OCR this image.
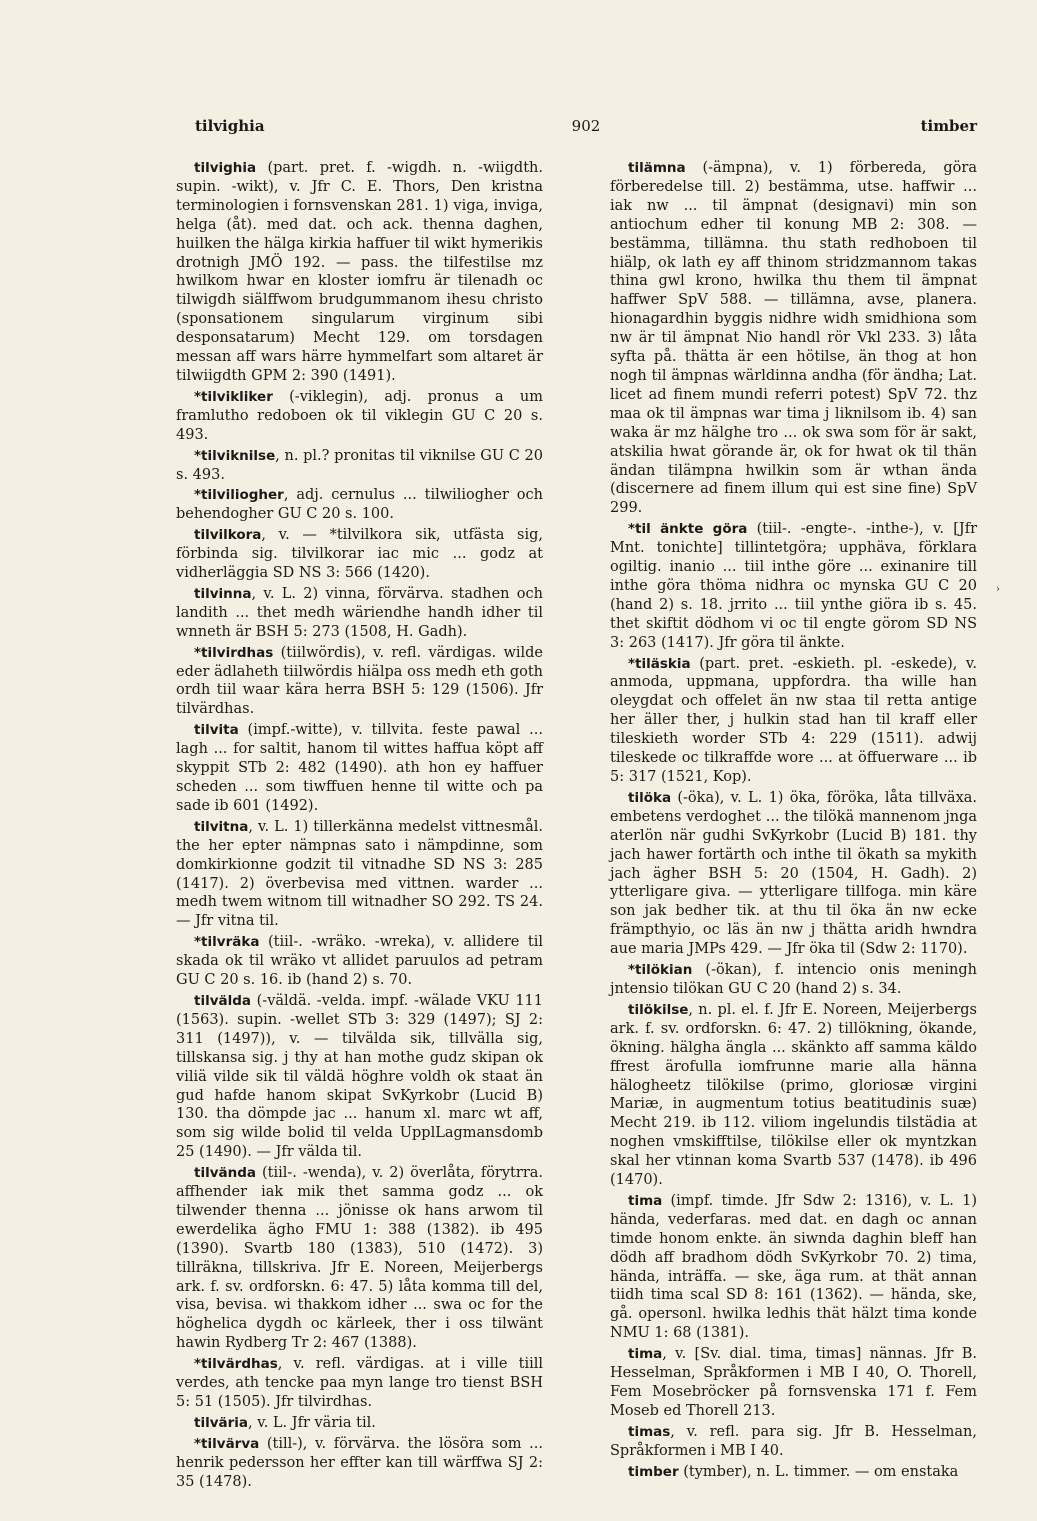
tilvighia	902	timber

tilvighia (part. pret. f. -wigdh. n. -wiigdth. supin. -wikt), v. Jfr C. E. Thors, Den kristna terminologien i fornsvenskan 281. 1) viga, inviga, helga (åt). med dat. och ack. thenna daghen, huilken the hälga kirkia haffuer til wikt hymerikis drotnigh JMÖ 192. — pass. the tilfestilse mz hwilkom hwar en kloster iomfru är tilenadh oc tilwigdh siälffwom brudgummanom ihesu christo (sponsationem singularum virginum sibi desponsatarum) Mecht 129. om torsdagen messan aff wars härre hymmelfart som altaret är tilwiigdth GPM 2: 390 (1491).

*tilvikliker (-viklegin), adj. pronus a um framlutho redoboen ok til viklegin GU C 20 s. 493.

*tilviknilse, n. pl.? pronitas til viknilse GU C 20 s. 493.

*tilviliogher, adj. cernulus ... tilwiliogher och behendogher GU C 20 s. 100.

tilvilkora, v. — *tilvilkora sik, utfästa sig, förbinda sig. tilvilkorar iac mic ... godz at vidherläggia SD NS 3: 566 (1420).

tilvinna, v. L. 2) vinna, förvärva. stadhen och landith ... thet medh wäriendhe handh idher til wnneth är BSH 5: 273 (1508, H. Gadh).

*tilvirdhas (tiilwördis), v. refl. värdigas. wilde eder ädlaheth tiilwördis hiälpa oss medh eth goth ordh tiil waar kära herra BSH 5: 129 (1506). Jfr tilvärdhas.

tilvita (impf.-witte), v. tillvita. feste pawal ... lagh ... for saltit, hanom til wittes haffua köpt aff skyppit STb 2: 482 (1490). ath hon ey haffuer scheden ... som tiwffuen henne til witte och pa sade ib 601 (1492).

tilvitna, v. L. 1) tillerkänna medelst vittnesmål. the her epter nämpnas sato i nämpdinne, som domkirkionne godzit til vitnadhe SD NS 3: 285 (1417). 2) överbevisa med vittnen. warder ... medh twem witnom till witnadher SO 292. TS 24. — Jfr vitna til.

*tilvräka (tiil-. -wräko. -wreka), v. allidere til skada ok til wräko vt allidet paruulos ad petram GU C 20 s. 16. ib (hand 2) s. 70.

tilvälda (-väldä. -velda. impf. -wälade VKU 111 (1563). supin. -wellet STb 3: 329 (1497); SJ 2: 311 (1497)), v. — tilvälda sik, tillvälla sig, tillskansa sig. j thy at han mothe gudz skipan ok viliä vilde sik til väldä höghre voldh ok staat än gud hafde hanom skipat SvKyrkobr (Lucid B) 130. tha dömpde jac ... hanum xl. marc wt aff, som sig wilde bolid til velda UpplLagmansdomb 25 (1490). — Jfr välda til.

tilvända (tiil-. -wenda), v. 2) överlåta, förytrra. affhender iak mik thet samma godz ... ok tilwender thenna ... jönisse ok hans arwom til ewerdelika ägho FMU 1: 388 (1382). ib 495 (1390). Svartb 180 (1383), 510 (1472). 3) tillräkna, tillskriva. Jfr E. Noreen, Meijerbergs ark. f. sv. ordforskn. 6: 47. 5) låta komma till del, visa, bevisa. wi thakkom idher ... swa oc for the höghelica dygdh oc kärleek, ther i oss tilwänt hawin Rydberg Tr 2: 467 (1388).

*tilvärdhas, v. refl. värdigas. at i ville tiill verdes, ath tencke paa myn lange tro tienst BSH 5: 51 (1505). Jfr tilvirdhas.

tilväria, v. L. Jfr väria til.

*tilvärva (till-), v. förvärva. the lösöra som ... henrik pedersson her effter kan till wärffwa SJ 2: 35 (1478).

tilämna (-ämpna), v. 1) förbereda, göra förberedelse till. 2) bestämma, utse. haffwir ... iak nw ... til ämpnat (designavi) min son antiochum edher til konung MB 2: 308. — bestämma, tillämna. thu stath redhoboen til hiälp, ok lath ey aff thinom stridzmannom takas thina gwl krono, hwilka thu them til ämpnat haffwer SpV 588. — tillämna, avse, planera. hionagardhin byggis nidhre widh smidhiona som nw är til ämpnat Nio handl rör Vkl 233. 3) låta syfta på. thätta är een hötilse, än thog at hon nogh til ämpnas wärldinna andha (för ändha; Lat. licet ad finem mundi referri potest) SpV 72. thz maa ok til ämpnas war tima j liknilsom ib. 4) san waka är mz hälghe tro ... ok swa som för är sakt, atskilia hwat görande är, ok for hwat ok til thän ändan tilämpna hwilkin som är wthan ända (discernere ad finem illum qui est sine fine) SpV 299.

*til änkte göra (tiil-. -engte-. -inthe-), v. [Jfr Mnt. tonichte] tillintetgöra; upphäva, förklara ogiltig. inanio ... tiil inthe göre ... exinanire till inthe göra thöma nidhra oc mynska GU C 20 (hand 2) s. 18. jrrito ... tiil ynthe giöra ib s. 45. thet skiftit dödhom vi oc til engte görom SD NS 3: 263 (1417). Jfr göra til änkte.

*tiläskia (part. pret. -eskieth. pl. -eskede), v. anmoda, uppmana, uppfordra. tha wille han oleygdat och offelet än nw staa til retta antige her äller ther, j hulkin stad han til kraff eller tileskieth worder STb 4: 229 (1511). adwij tileskede oc tilkraffde wore ... at öffuerware ... ib 5: 317 (1521, Kop).

tilöka (-öka), v. L. 1) öka, föröka, låta tillväxa. embetens verdoghet ... the tilökä mannenom jnga aterlön när gudhi SvKyrkobr (Lucid B) 181. thy jach hawer fortärth och inthe til ökath sa mykith jach ägher BSH 5: 20 (1504, H. Gadh). 2) ytterligare giva. — ytterligare tillfoga. min käre son jak bedher tik. at thu til öka än nw ecke främpthyio, oc läs än nw j thätta aridh hwndra aue maria JMPs 429. — Jfr öka til (Sdw 2: 1170).

*tilökian (-ökan), f. intencio onis meningh jntensio tilökan GU C 20 (hand 2) s. 34.

tilökilse, n. pl. el. f. Jfr E. Noreen, Meijerbergs ark. f. sv. ordforskn. 6: 47. 2) tillökning, ökande, ökning. hälgha ängla ... skänkto aff samma käldo ffrest ärofulla iomfrunne marie alla hänna hälogheetz tilökilse (primo, gloriosæ virgini Mariæ, in augmentum totius beatitudinis suæ) Mecht 219. ib 112. viliom ingelundis tilstädia at noghen vmskifftilse, tilökilse eller ok myntzkan skal her vtinnan koma Svartb 537 (1478). ib 496 (1470).

tima (impf. timde. Jfr Sdw 2: 1316), v. L. 1) hända, vederfaras. med dat. en dagh oc annan timde honom enkte. än siwnda daghin bleff han dödh aff bradhom dödh SvKyrkobr 70. 2) tima, hända, inträffa. — ske, äga rum. at thät annan tiidh tima scal SD 8: 161 (1362). — hända, ske, gå. opersonl. hwilka ledhis thät hälzt tima konde NMU 1: 68 (1381).

tima, v. [Sv. dial. tima, timas] nännas. Jfr B. Hesselman, Språkformen i MB I 40, O. Thorell, Fem Mosebröcker på fornsvenska 171 f. Fem Moseb ed Thorell 213.

timas, v. refl. para sig. Jfr B. Hesselman, Språkformen i MB I 40.

timber (tymber), n. L. timmer. — om enstaka

›
